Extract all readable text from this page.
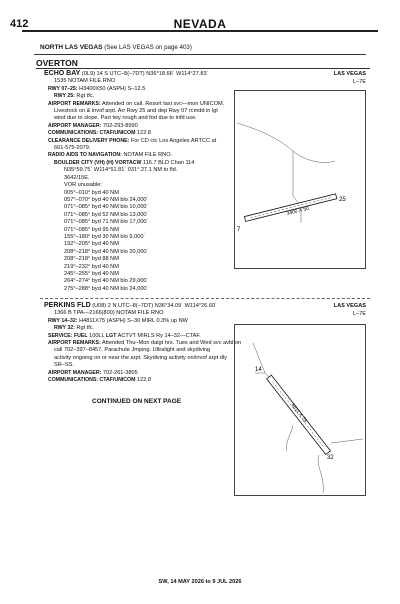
412	NEVADA
NORTH LAS VEGAS (See LAS VEGAS on page 403)
OVERTON
ECHO BAY (0L9) 14 S UTC–8(–7DT) N36°18.66´ W114°27.83´
1535 NOTAM FILE RNO
RWY 07–25: H3400X50 (ASPH) S–12.5
RWY 25: Rgt tfc.
AIRPORT REMARKS: Attended on call. Resort taxi svc—mon UNICOM.
Livestock on & invof arpt. Arr Rwy 25 and dep Rwy 07 rcmdd in lgt
wind due to slope. Part twy rough and fod due to infd use.
AIRPORT MANAGER: 702-293-8990
COMMUNICATIONS: CTAF/UNICOM 122.8
CLEARANCE DELIVERY PHONE: For CD ctc Los Angeles ARTCC at
661-575-2079.
RADIO AIDS TO NAVIGATION: NOTAM FILE RNO.
BOULDER CITY (VH) (H) VORTACW 116.7 BLD Chan 114
N35°59.75´ W114°51.81´ 031° 27.1 NM to fld.
3642/15E.
VOR unusable:
005°–010° byd 40 NM
057°–070° byd 40 NM blo 24,000´
071°–085° byd 40 NM blo 10,000´
071°–085° byd 52 NM blo 13,000´
071°–085° byd 71 NM blo 17,000´
071°–085° byd 95 NM
155°–180° byd 30 NM blo 9,000´
192°–205° byd 40 NM
208°–218° byd 40 NM blo 20,000´
208°–218° byd 88 NM
219°–232° byd 40 NM
245°–255° byd 40 NM
264°–274° byd 40 NM blo 29,000´
275°–288° byd 40 NM blo 24,000´
LAS VEGAS
L–7E
3400 X 50
7
25
PERKINS FLD (U08) 2 N UTC–8(–7DT) N36°34.09´ W114°26.60´
1366 B TPA—2166(800) NOTAM FILE RNO
RWY 14–32: H4811X75 (ASPH) S–30 MIRL 0.3% up NW
RWY 32: Rgt tfc.
SERVICE: FUEL 100LL LGT ACTVT MIRLS Ry 14–32—CTAF.
AIRPORT REMARKS: Attended Thu–Mon dalgt hrs. Tues and Wed svc avbl on
call 702–397–8457. Parachute Jmping. Ultralight and skydiving
activity ongoing on or near the arpt. Skydiving activity on/invof arpt dly
SR–SS.
AIRPORT MANAGER: 702-261-3805
COMMUNICATIONS: CTAF/UNICOM 122.8
LAS VEGAS
L–7E
CONTINUED ON NEXT PAGE
4811 X 75
14
32
SW, 14 MAY 2026 to 9 JUL 2026
